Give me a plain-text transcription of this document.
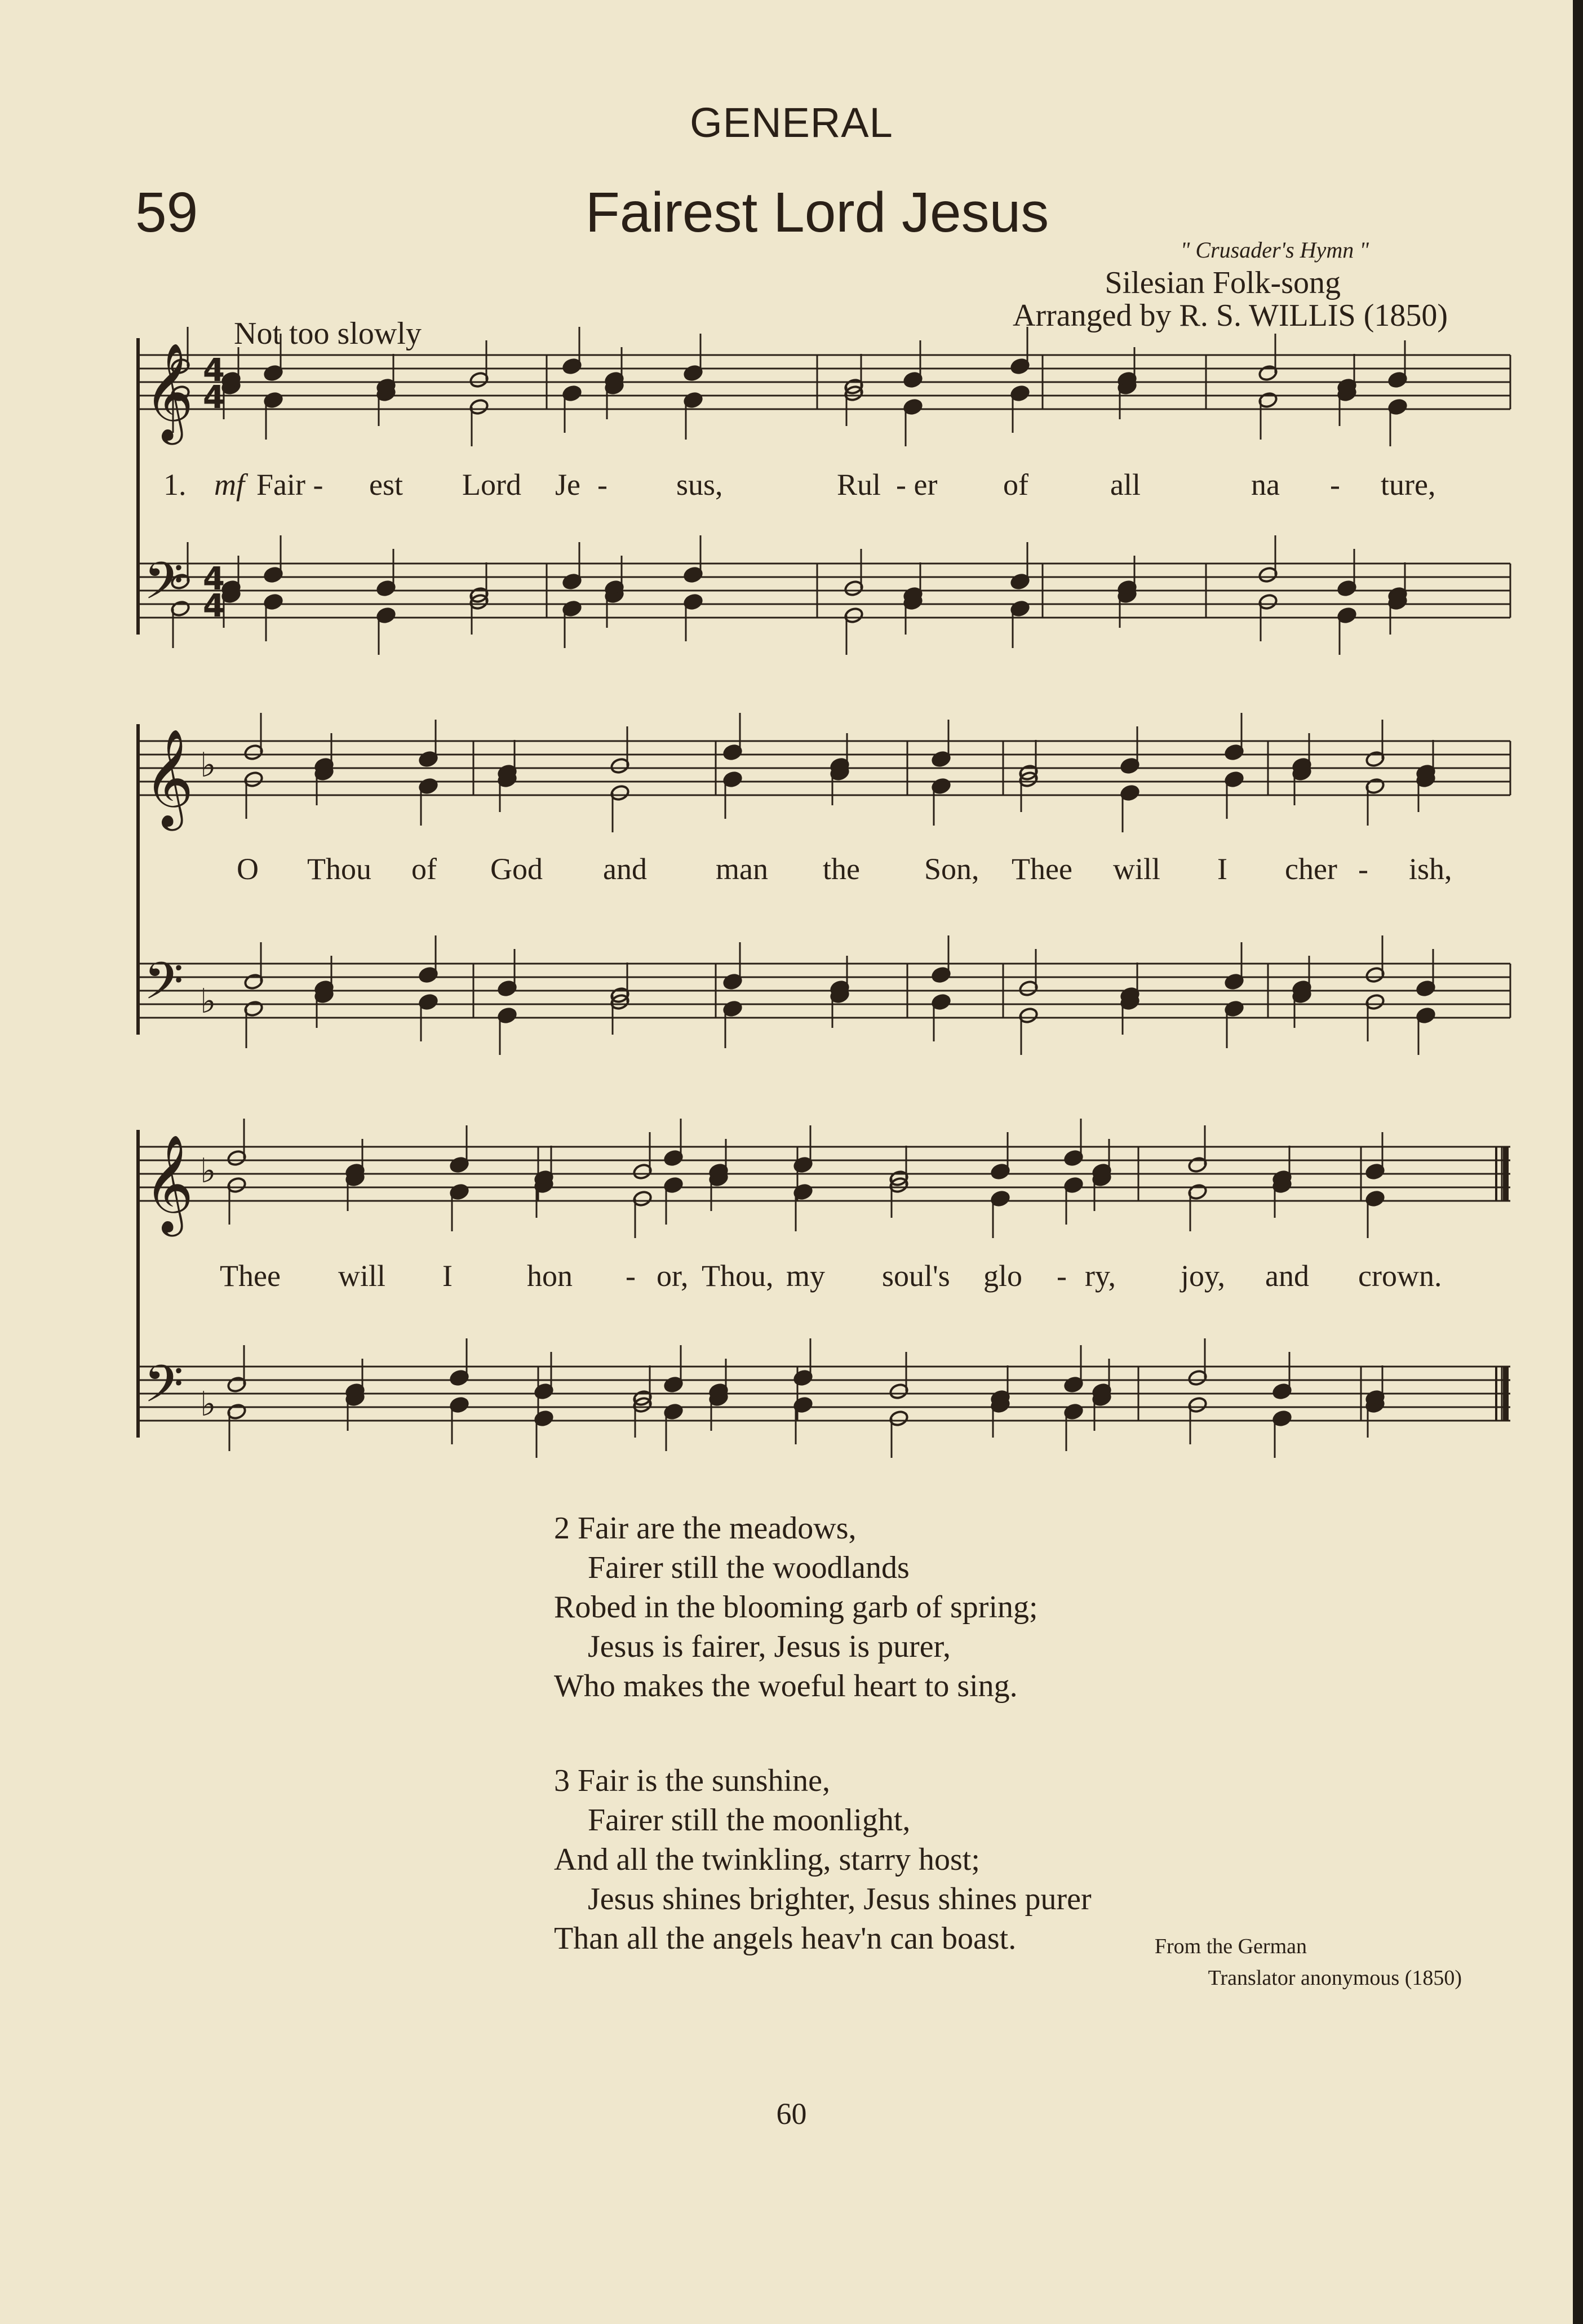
GENERAL
59	Fairest Lord Jesus
" Crusader's Hymn "
Silesian Folk-song
Arranged by R. S. WILLIS (1850)
Not too slowly
𝄞
𝄢
4
4
4
4
𝄞
𝄢
♭
♭
𝄞
𝄢
♭
♭
1. mf Fair - est Lord Je - sus,	Rul - er of	all	na - ture,
O Thou of God and man the Son, Thee will I cher - ish,
Thee will I hon - or, Thou, my soul's glo - ry, joy, and crown.
2 Fair are the meadows,
Fairer still the woodlands
Robed in the blooming garb of spring;
Jesus is fairer, Jesus is purer,
Who makes the woeful heart to sing.
3 Fair is the sunshine,
Fairer still the moonlight,
And all the twinkling, starry host;
Jesus shines brighter, Jesus shines purer
Than all the angels heav'n can boast.	From the German
Translator anonymous (1850)
60
